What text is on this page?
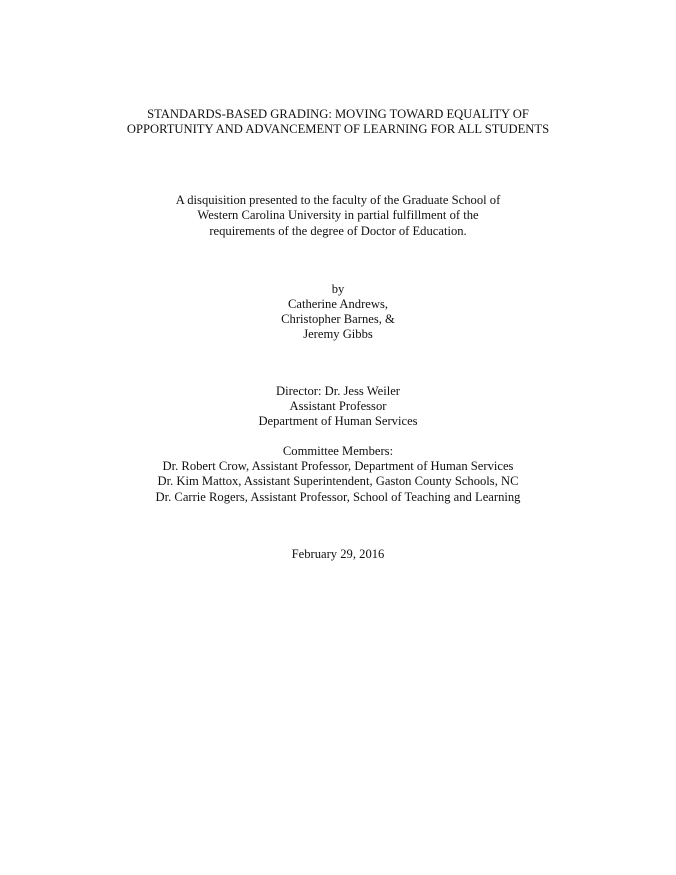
STANDARDS-BASED GRADING: MOVING TOWARD EQUALITY OF
OPPORTUNITY AND ADVANCEMENT OF LEARNING FOR ALL STUDENTS
A disquisition presented to the faculty of the Graduate School of
Western Carolina University in partial fulfillment of the
requirements of the degree of Doctor of Education.
by
Catherine Andrews,
Christopher Barnes, &
Jeremy Gibbs
Director: Dr. Jess Weiler
Assistant Professor
Department of Human Services
Committee Members:
Dr. Robert Crow, Assistant Professor, Department of Human Services
Dr. Kim Mattox, Assistant Superintendent, Gaston County Schools, NC
Dr. Carrie Rogers, Assistant Professor, School of Teaching and Learning
February 29, 2016
